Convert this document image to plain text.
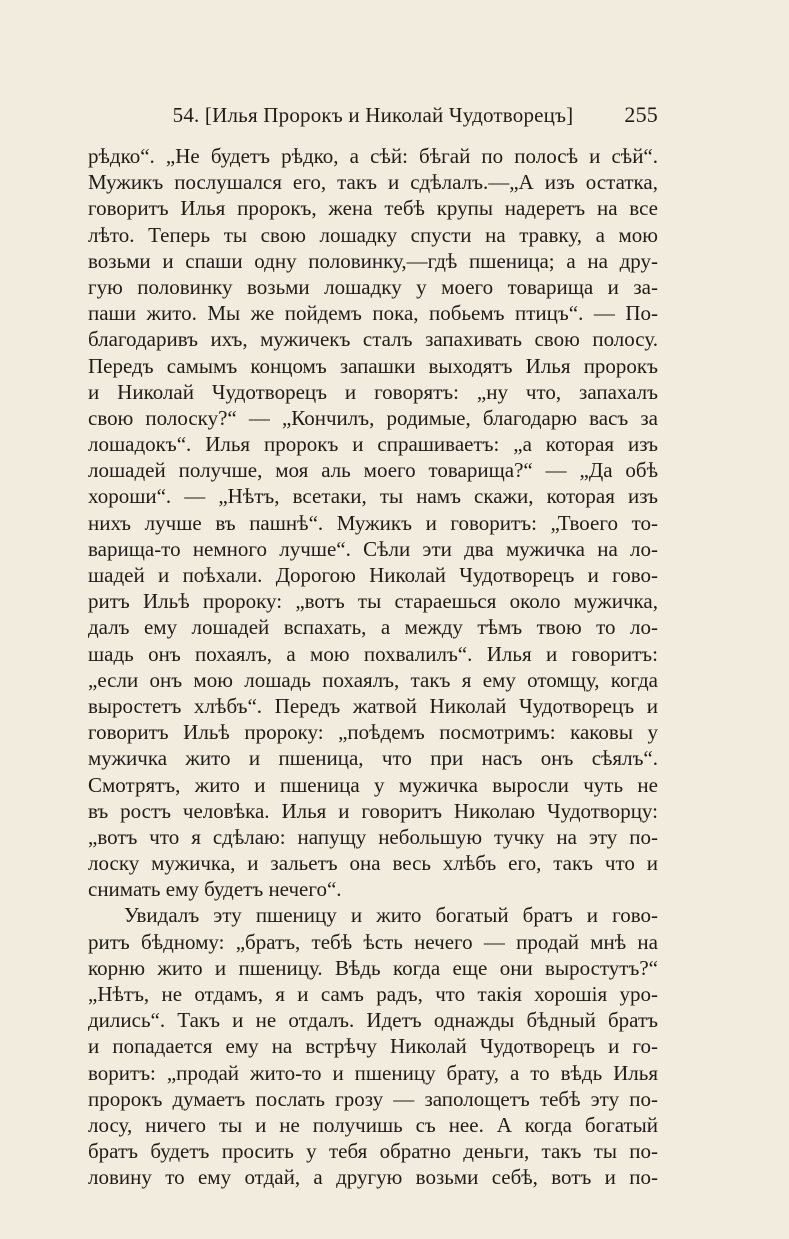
54. [Илья Пророкъ и Николай Чудотворецъ]	255
рѣдко“. „Не будетъ рѣдко, а сѣй: бѣгай по полосѣ и сѣй“.
Мужикъ послушался его, такъ и сдѣлалъ.—„А изъ остатка,
говоритъ Илья пророкъ, жена тебѣ крупы надеретъ на все
лѣто. Теперь ты свою лошадку спусти на травку, а мою
возьми и спаши одну половинку,—гдѣ пшеница; а на дру-
гую половинку возьми лошадку у моего товарища и за-
паши жито. Мы же пойдемъ пока, побьемъ птицъ“. — По-
благодаривъ ихъ, мужичекъ сталъ запахивать свою полосу.
Передъ самымъ концомъ запашки выходятъ Илья пророкъ
и Николай Чудотворецъ и говорятъ: „ну что, запахалъ
свою полоску?“ — „Кончилъ, родимые, благодарю васъ за
лошадокъ“. Илья пророкъ и спрашиваетъ: „а которая изъ
лошадей получше, моя аль моего товарища?“ — „Да обѣ
хороши“. — „Нѣтъ, всетаки, ты намъ скажи, которая изъ
нихъ лучше въ пашнѣ“. Мужикъ и говоритъ: „Твоего то-
варища-то немного лучше“. Сѣли эти два мужичка на ло-
шадей и поѣхали. Дорогою Николай Чудотворецъ и гово-
ритъ Ильѣ пророку: „вотъ ты стараешься около мужичка,
далъ ему лошадей вспахать, а между тѣмъ твою то ло-
шадь онъ похаялъ, а мою похвалилъ“. Илья и говоритъ:
„если онъ мою лошадь похаялъ, такъ я ему отомщу, когда
выростетъ хлѣбъ“. Передъ жатвой Николай Чудотворецъ и
говоритъ Ильѣ пророку: „поѣдемъ посмотримъ: каковы у
мужичка жито и пшеница, что при насъ онъ сѣялъ“.
Смотрятъ, жито и пшеница у мужичка выросли чуть не
въ ростъ человѣка. Илья и говоритъ Николаю Чудотворцу:
„вотъ что я сдѣлаю: напущу небольшую тучку на эту по-
лоску мужичка, и зальетъ она весь хлѣбъ его, такъ что и
снимать ему будетъ нечего“.
Увидалъ эту пшеницу и жито богатый братъ и гово-
ритъ бѣдному: „братъ, тебѣ ѣсть нечего — продай мнѣ на
корню жито и пшеницу. Вѣдь когда еще они выростутъ?“
„Нѣтъ, не отдамъ, я и самъ радъ, что такія хорошія уро-
дились“. Такъ и не отдалъ. Идетъ однажды бѣдный братъ
и попадается ему на встрѣчу Николай Чудотворецъ и го-
воритъ: „продай жито-то и пшеницу брату, а то вѣдь Илья
пророкъ думаетъ послать грозу — заполощетъ тебѣ эту по-
лосу, ничего ты и не получишь съ нее. А когда богатый
братъ будетъ просить у тебя обратно деньги, такъ ты по-
ловину то ему отдай, а другую возьми себѣ, вотъ и по-
